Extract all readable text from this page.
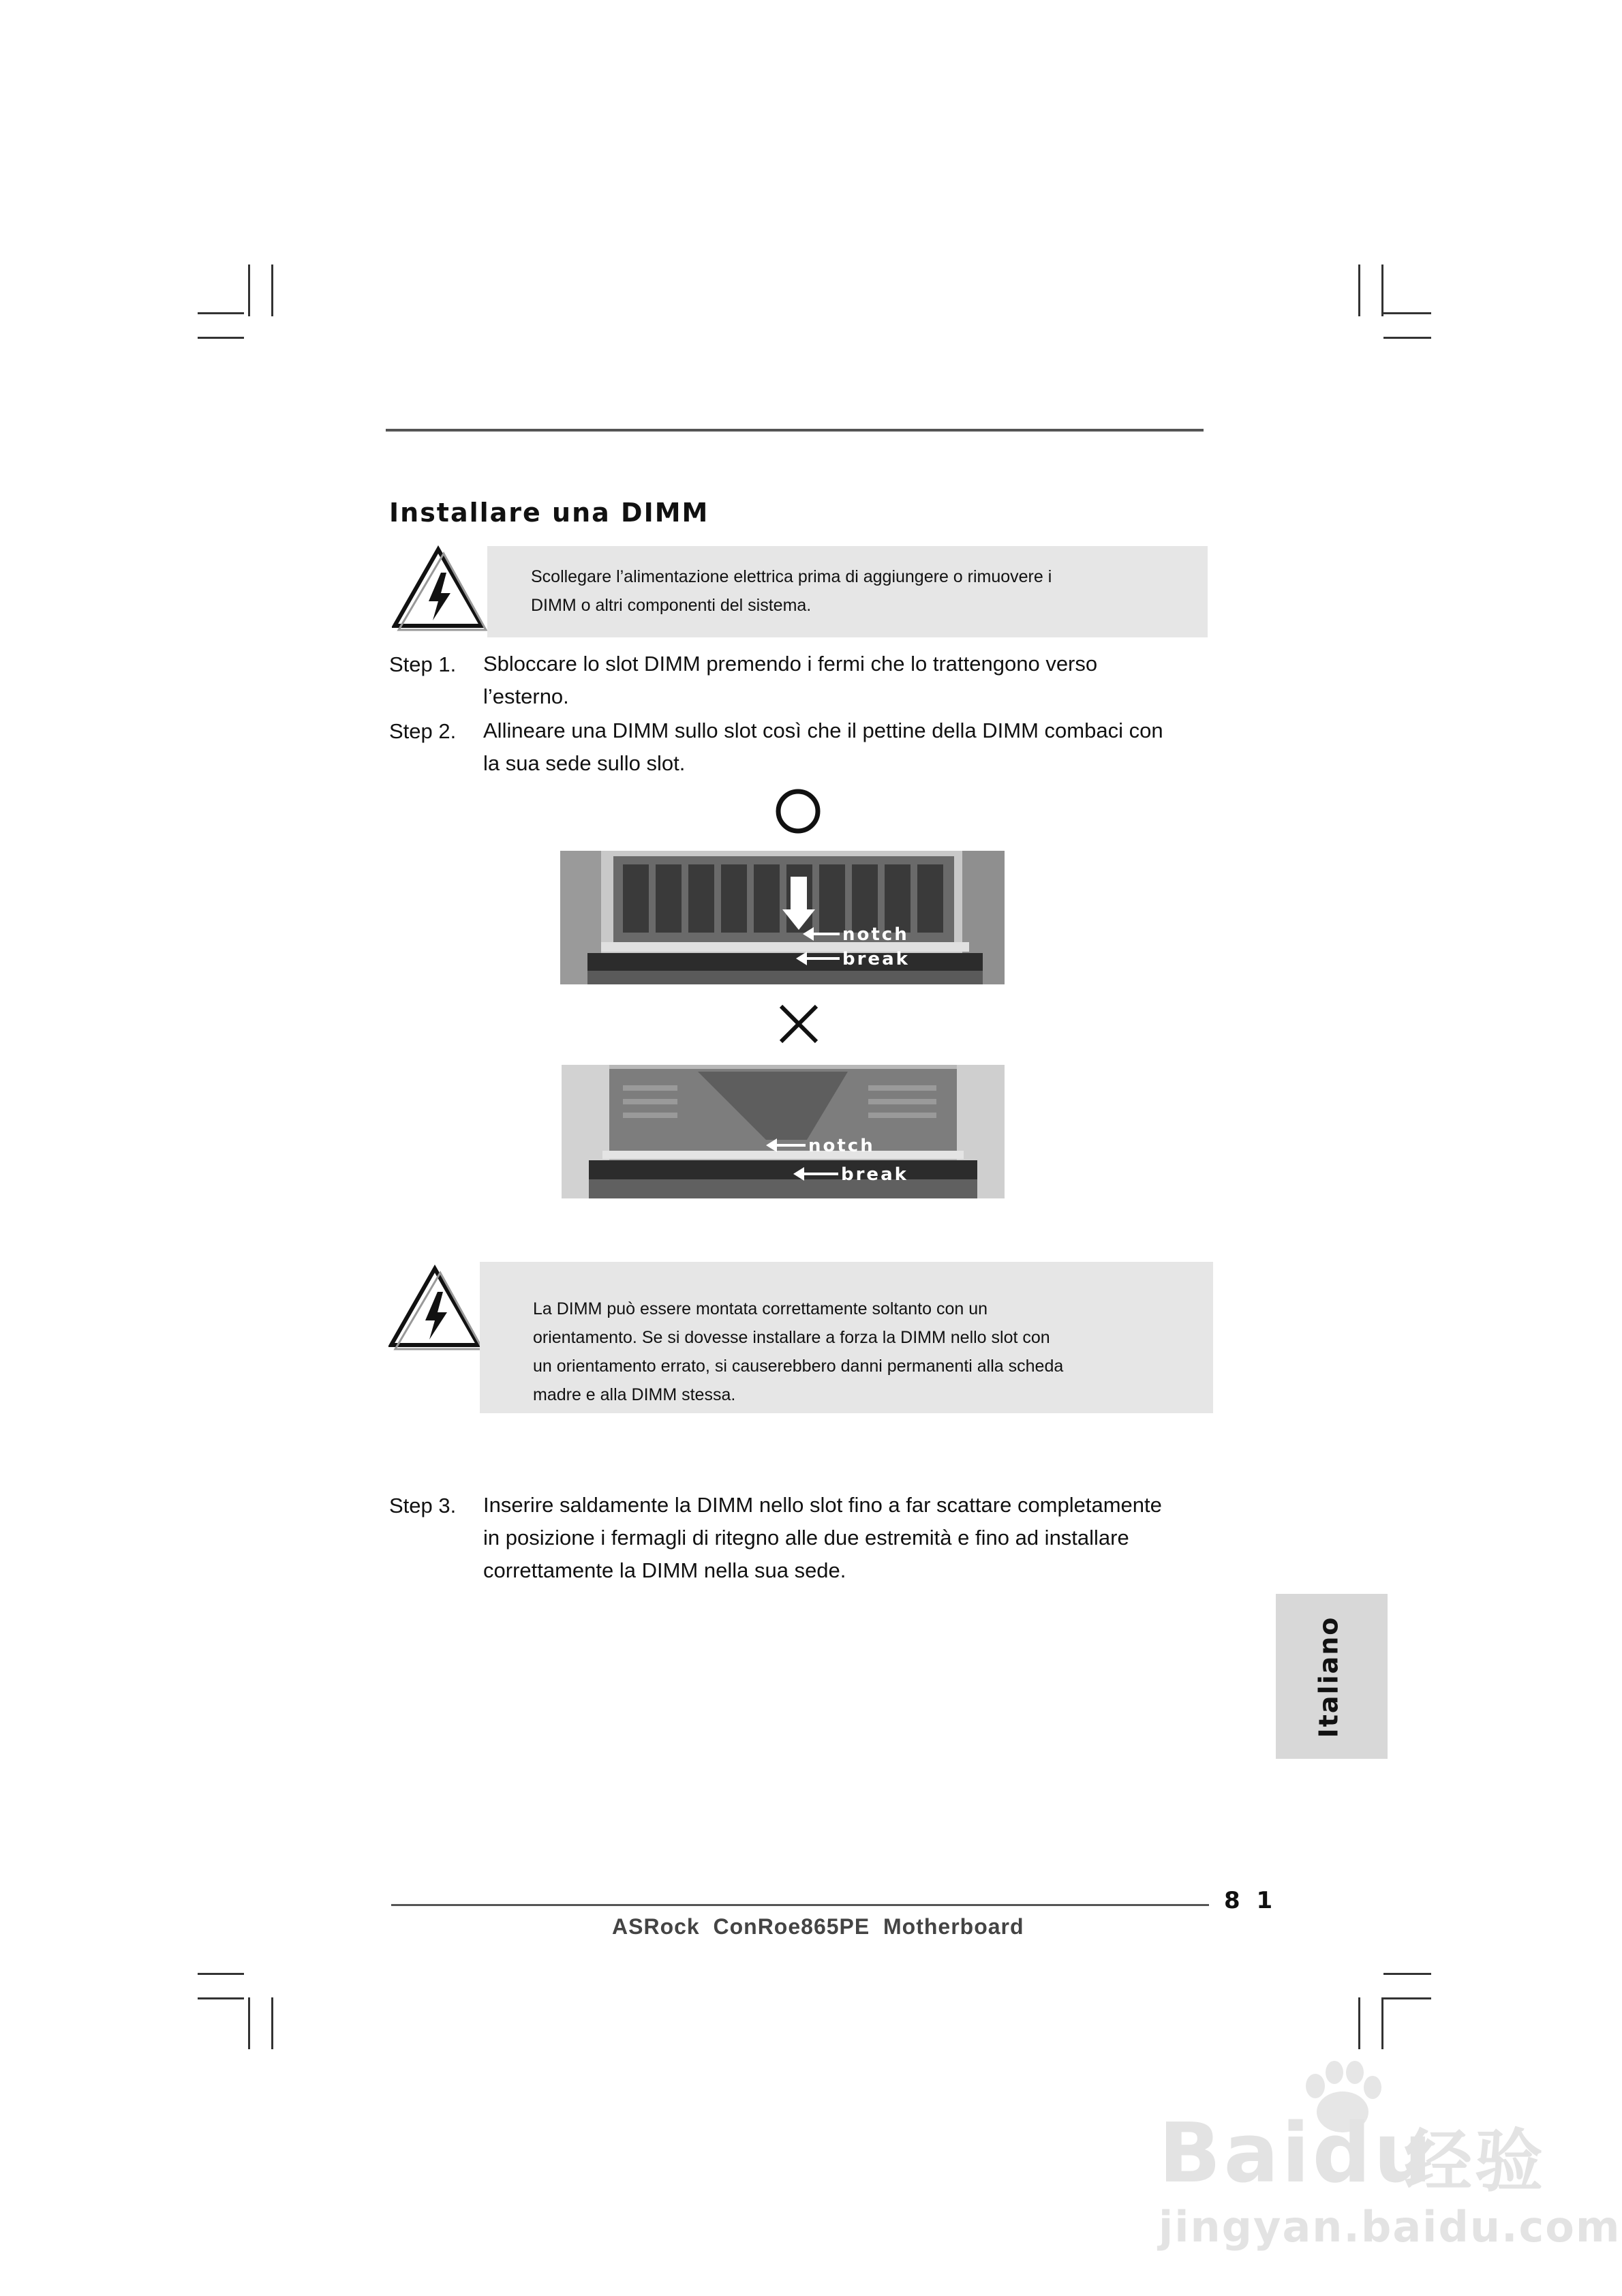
Installare una DIMM
Scollegare l’alimentazione elettrica prima di aggiungere o rimuovere i
DIMM o altri componenti del sistema.
Step 1. Sbloccare lo slot DIMM premendo i fermi che lo trattengono verso
l’esterno.
Step 2. Allineare una DIMM sullo slot così che il pettine della DIMM combaci con
la sua sede sullo slot.
notch
break
notch
break
La DIMM può essere montata correttamente soltanto con un
orientamento. Se si dovesse installare a forza la DIMM nello slot con
un orientamento errato, si causerebbero danni permanenti alla scheda
madre e alla DIMM stessa.
Step 3. Inserire saldamente la DIMM nello slot fino a far scattare completamente
in posizione i fermagli di ritegno alle due estremità e fino ad installare
correttamente la DIMM nella sua sede.
Italiano
8 1
ASRock  ConRoe865PE  Motherboard
Baidu
经验
jingyan.baidu.com
